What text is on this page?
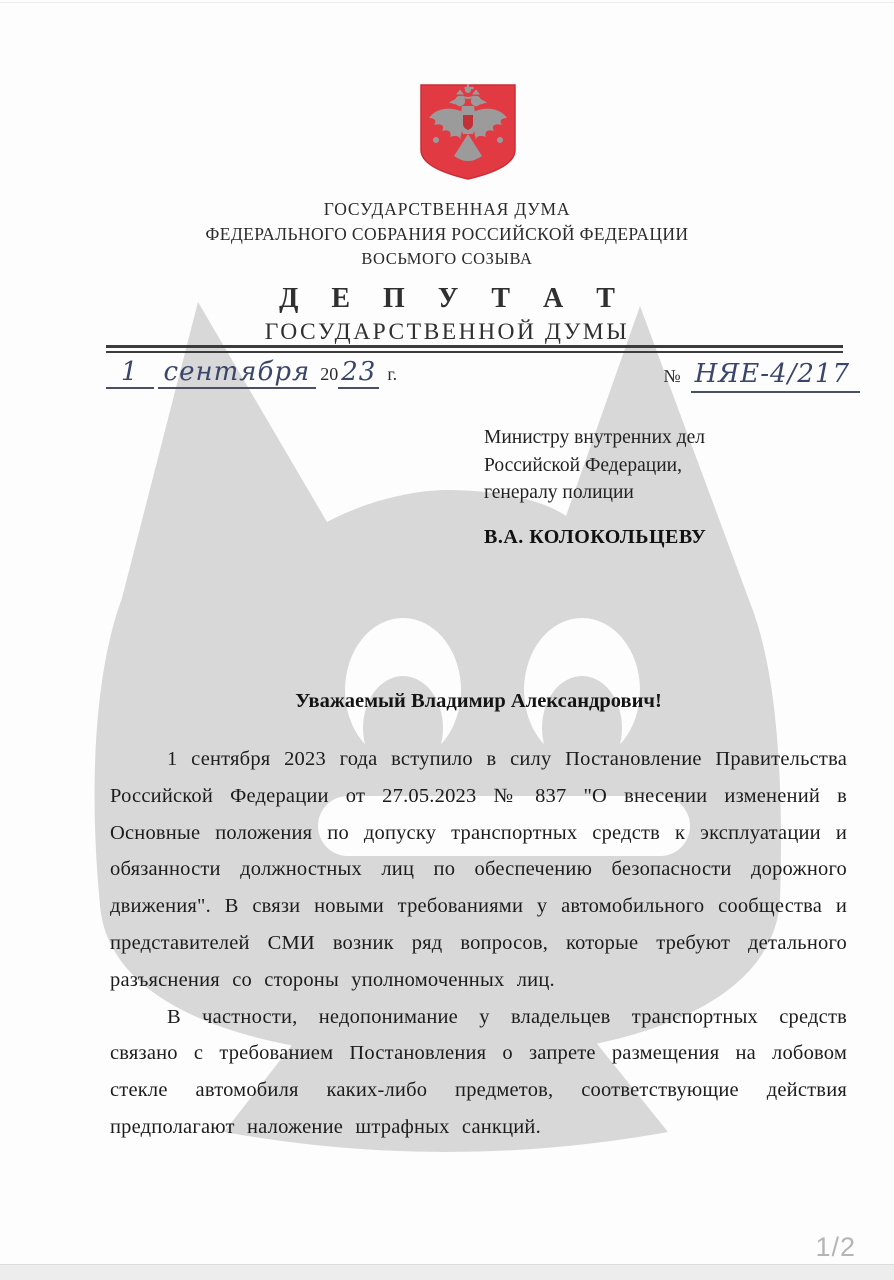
ГОСУДАРСТВЕННАЯ ДУМА
ФЕДЕРАЛЬНОГО СОБРАНИЯ РОССИЙСКОЙ ФЕДЕРАЦИИ
ВОСЬМОГО СОЗЫВА
Д Е П У Т А Т
ГОСУДАРСТВЕННОЙ ДУМЫ
1 сентября 20 23 г.	№ НЯЕ-4/217
Министру внутренних дел
Российской Федерации,
генералу полиции
В.А. КОЛОКОЛЬЦЕВУ
Уважаемый Владимир Александрович!

1 сентября 2023 года вступило в силу Постановление Правительства Российской Федерации от 27.05.2023 № 837 "О внесении изменений в Основные положения по допуску транспортных средств к эксплуатации и обязанности должностных лиц по обеспечению безопасности дорожного движения". В связи новыми требованиями у автомобильного сообщества и представителей СМИ возник ряд вопросов, которые требуют детального разъяснения со стороны уполномоченных лиц.

В частности, недопонимание у владельцев транспортных средств связано с требованием Постановления о запрете размещения на лобовом стекле автомобиля каких-либо предметов, соответствующие действия предполагают наложение штрафных санкций.

1/2
